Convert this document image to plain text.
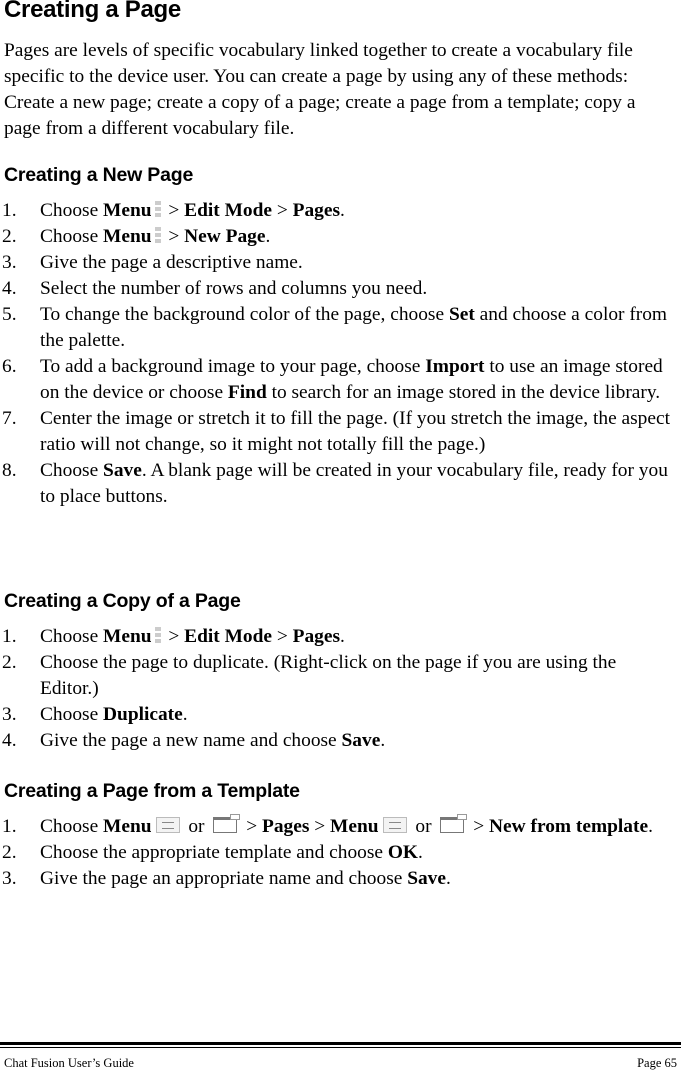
Creating a Page

Pages are levels of specific vocabulary linked together to create a vocabulary file specific to the device user. You can create a page by using any of these methods: Create a new page; create a copy of a page; create a page from a template; copy a page from a different vocabulary file.

Creating a New Page
1. Choose Menu > Edit Mode > Pages.
2. Choose Menu > New Page.
3. Give the page a descriptive name.
4. Select the number of rows and columns you need.
5. To change the background color of the page, choose Set and choose a color from the palette.
6. To add a background image to your page, choose Import to use an image stored on the device or choose Find to search for an image stored in the device library.
7. Center the image or stretch it to fill the page. (If you stretch the image, the aspect ratio will not change, so it might not totally fill the page.)
8. Choose Save. A blank page will be created in your vocabulary file, ready for you to place buttons.
Creating a Copy of a Page
1. Choose Menu > Edit Mode > Pages.
2. Choose the page to duplicate. (Right-click on the page if you are using the Editor.)
3. Choose Duplicate.
4. Give the page a new name and choose Save.
Creating a Page from a Template
1. Choose Menu or  > Pages > Menu or  > New from template.
2. Choose the appropriate template and choose OK.
3. Give the page an appropriate name and choose Save.
Chat Fusion User’s Guide	Page 65
